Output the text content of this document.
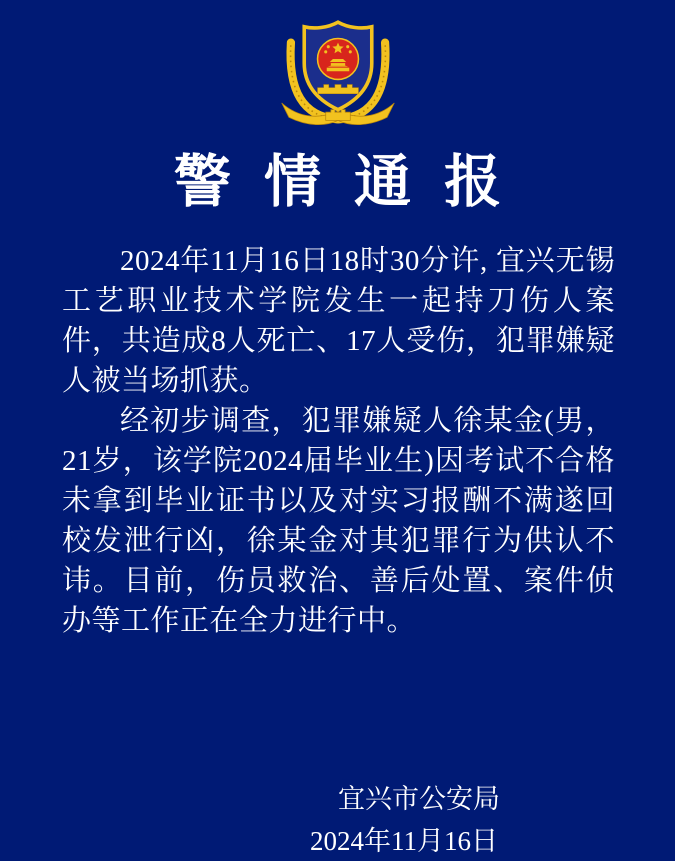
警情通报

2024年11月16日18时30分许, 宜兴无锡工艺职业技术学院发生一起持刀伤人案件，共造成8人死亡、17人受伤，犯罪嫌疑人被当场抓获。

经初步调查，犯罪嫌疑人徐某金(男，21岁，该学院2024届毕业生)因考试不合格未拿到毕业证书以及对实习报酬不满遂回校发泄行凶，徐某金对其犯罪行为供认不讳。目前，伤员救治、善后处置、案件侦办等工作正在全力进行中。

宜兴市公安局
2024年11月16日
